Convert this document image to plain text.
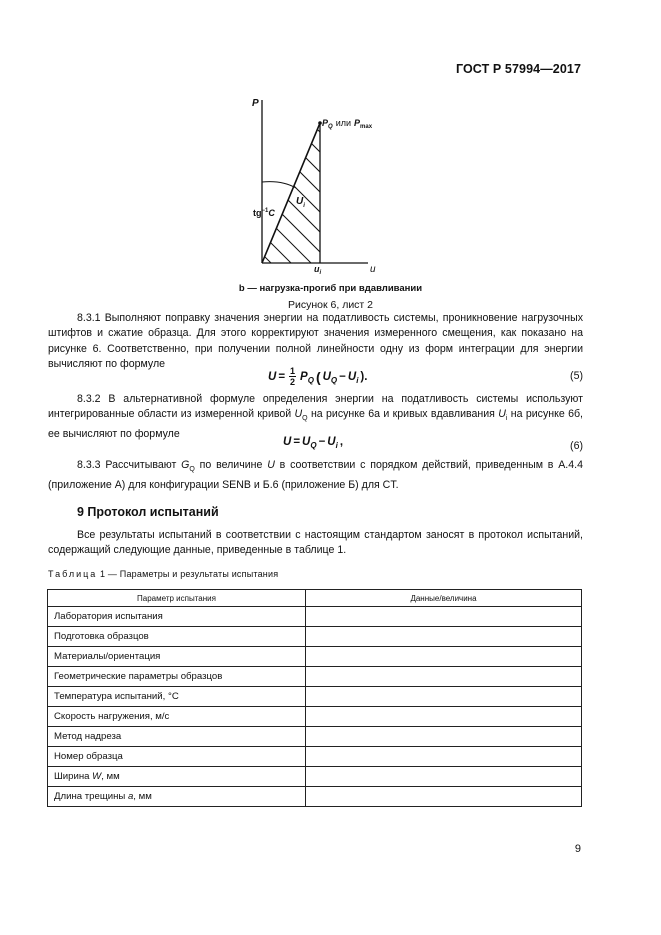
ГОСТ Р 57994—2017
P
u
$P_Q$ или $P_{max}$
$tg^{-1}C$
$U_i$
$u_i$
b — нагрузка-прогиб при вдавливании
Рисунок 6, лист 2
8.3.1 Выполняют поправку значения энергии на податливость системы, проникновение нагрузочных штифтов и сжатие образца. Для этого корректируют значения измеренного смещения, как показано на рисунке 6. Соответственно, при получении полной линейности одну из форм интеграции для энергии вычисляют по формуле
$U = \frac{1}{2} P_Q$ ( $U_Q - U_i$ ).	(5)
8.3.2 В альтернативной формуле определения энергии на податливость системы используют интегрированные области из измеренной кривой $U_Q$ на рисунке 6а и кривых вдавливания $U_i$ на рисунке 6б, ее вычисляют по формуле
$U = U_Q - U_i$ ,	(6)
8.3.3 Рассчитывают $G_Q$ по величине U в соответствии с порядком действий, приведенным в А.4.4 (приложение А) для конфигурации SENB и Б.6 (приложение Б) для CT.
9 Протокол испытаний
Все результаты испытаний в соответствии с настоящим стандартом заносят в протокол испытаний, содержащий следующие данные, приведенные в таблице 1.
Таблица 1 — Параметры и результаты испытания
Параметр испытания	Данные/величина
Лаборатория испытания	
Подготовка образцов	
Материалы/ориентация	
Геометрические параметры образцов	
Температура испытаний, °С	
Скорость нагружения, м/с	
Метод надреза	
Номер образца	
Ширина W, мм	
Длина трещины a, мм	
9
